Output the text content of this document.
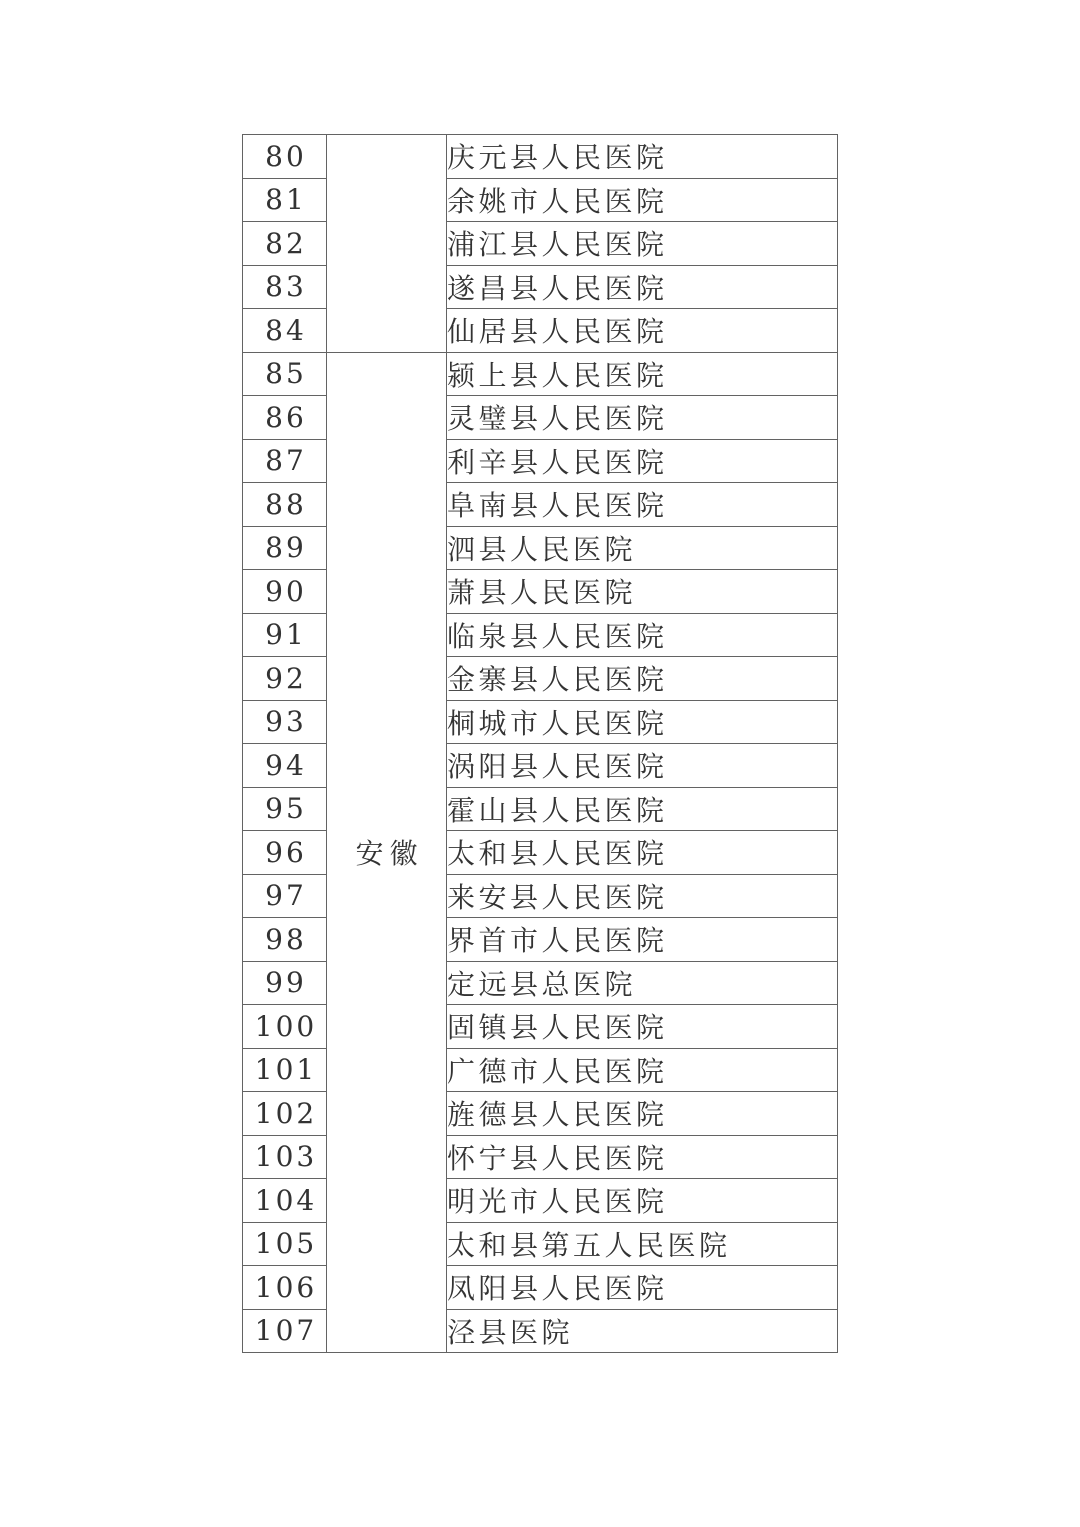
80		庆元县人民医院
81		余姚市人民医院
82		浦江县人民医院
83		遂昌县人民医院
84		仙居县人民医院
85	安徽	颍上县人民医院
86		灵璧县人民医院
87		利辛县人民医院
88		阜南县人民医院
89		泗县人民医院
90		萧县人民医院
91		临泉县人民医院
92		金寨县人民医院
93		桐城市人民医院
94		涡阳县人民医院
95		霍山县人民医院
96		太和县人民医院
97		来安县人民医院
98		界首市人民医院
99		定远县总医院
100		固镇县人民医院
101		广德市人民医院
102		旌德县人民医院
103		怀宁县人民医院
104		明光市人民医院
105		太和县第五人民医院
106		凤阳县人民医院
107		泾县医院
